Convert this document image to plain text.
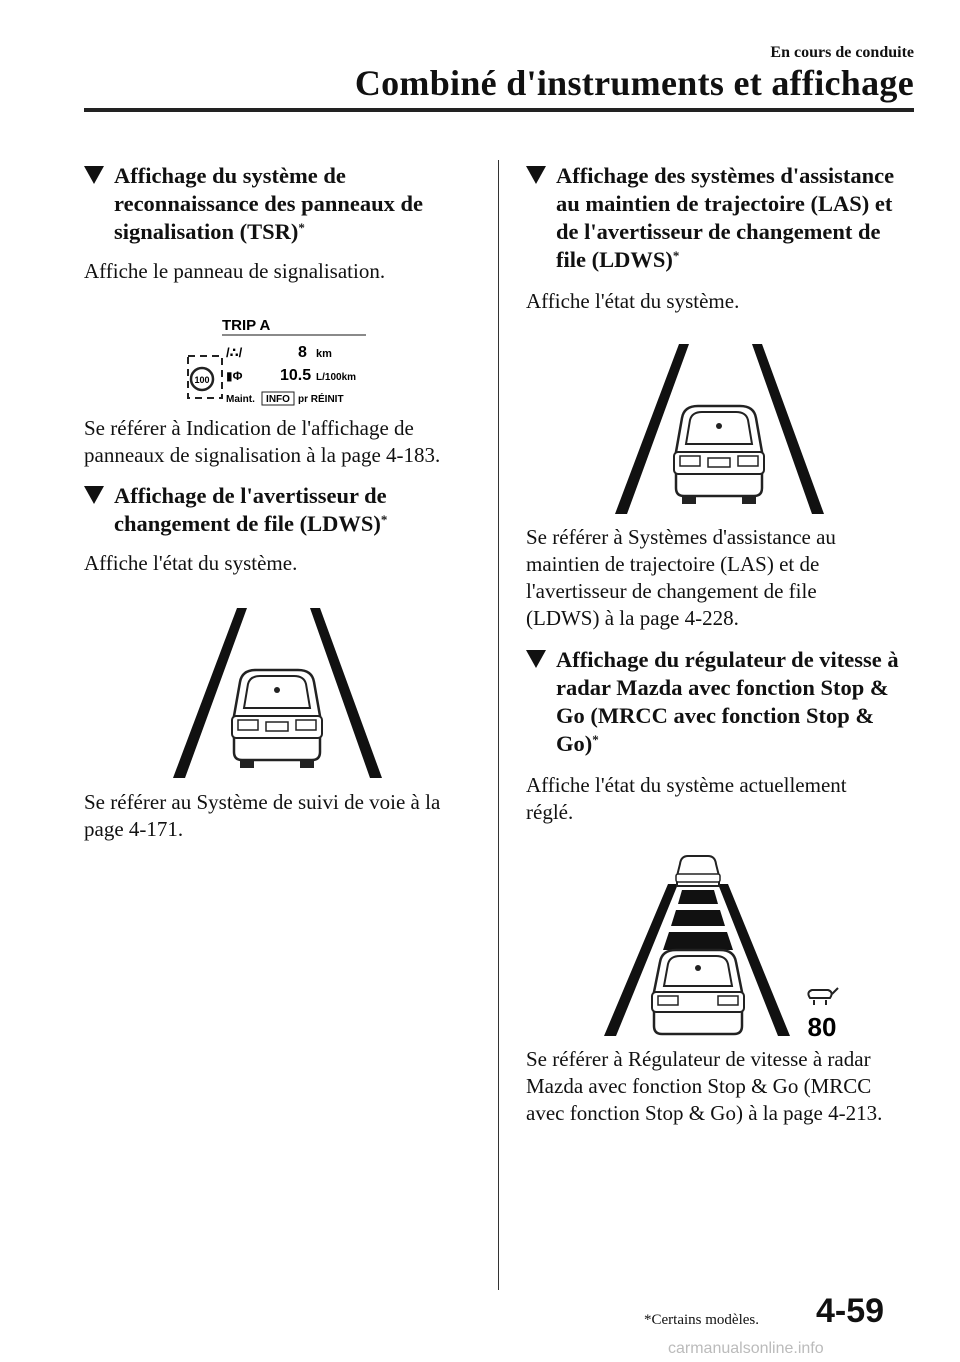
En cours de conduite
Combiné d'instruments et affichage
Affichage du système de
reconnaissance des panneaux de
signalisation (TSR)*
Affiche le panneau de signalisation.
TRIP A
/∴/	8 km
▮Φ 10.5 L/100km
100
Maint. INFO pr RÉINIT
Se référer à Indication de l'affichage de
panneaux de signalisation à la page 4-183.
Affichage de l'avertisseur de
changement de file (LDWS)*
Affiche l'état du système.
Se référer au Système de suivi de voie à la
page 4-171.
Affichage des systèmes d'assistance
au maintien de trajectoire (LAS) et
de l'avertisseur de changement de
file (LDWS)*
Affiche l'état du système.
Se référer à Systèmes d'assistance au
maintien de trajectoire (LAS) et de
l'avertisseur de changement de file
(LDWS) à la page 4-228.
Affichage du régulateur de vitesse à
radar Mazda avec fonction Stop &
Go (MRCC avec fonction Stop &
Go)*
Affiche l'état du système actuellement
réglé.
80
Se référer à Régulateur de vitesse à radar
Mazda avec fonction Stop & Go (MRCC
avec fonction Stop & Go) à la page 4-213.
*Certains modèles. 4-59
carmanualsonline.info
